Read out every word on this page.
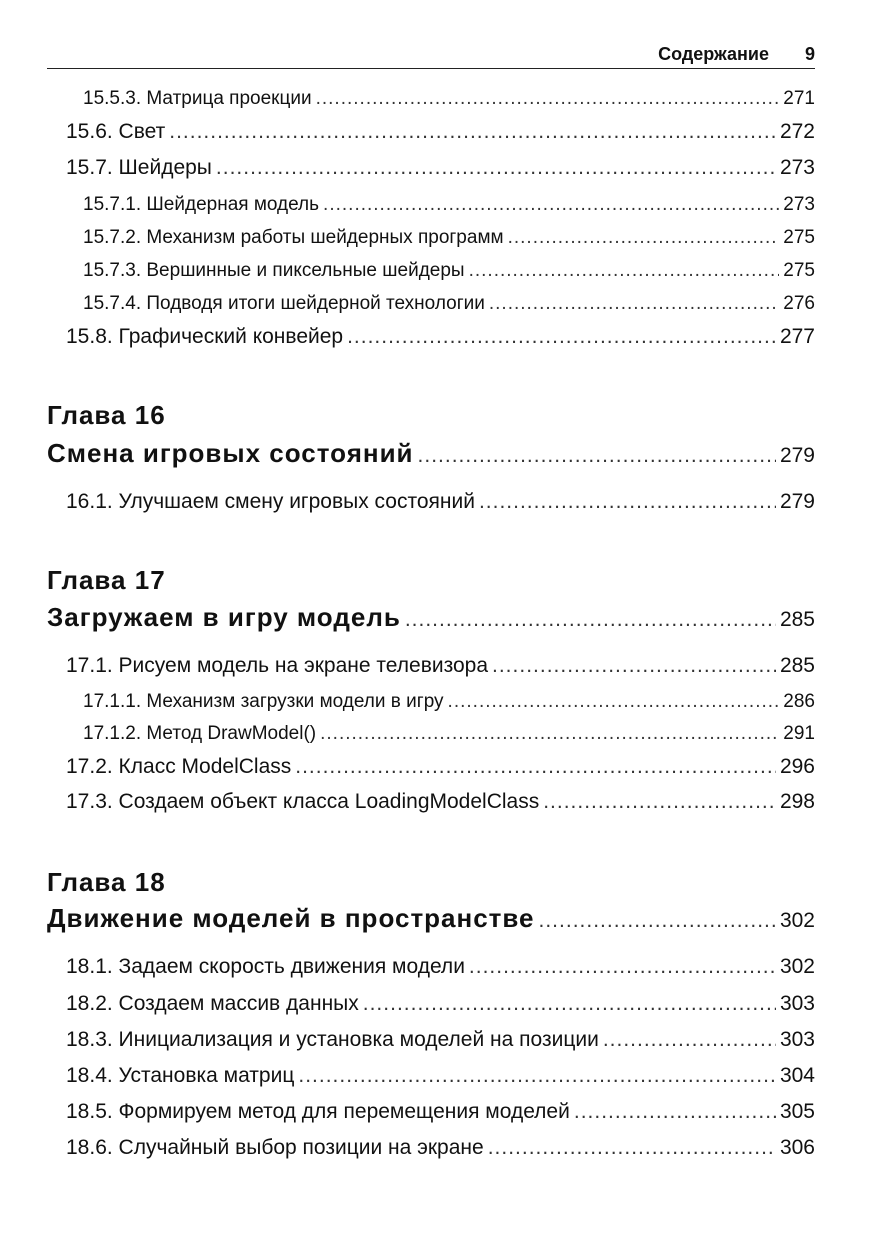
Содержание 9
15.5.3. Матрица проекции .....	271
15.6. Свет .....	272
15.7. Шейдеры .....	273
15.7.1. Шейдерная модель .....	273
15.7.2. Механизм работы шейдерных программ .....	275
15.7.3. Вершинные и пиксельные шейдеры .....	275
15.7.4. Подводя итоги шейдерной технологии .....	276
15.8. Графический конвейер .....	277
Глава 16
Смена игровых состояний .....	279
16.1. Улучшаем смену игровых состояний .....	279
Глава 17
Загружаем в игру модель .....	285
17.1. Рисуем модель на экране телевизора .....	285
17.1.1. Механизм загрузки модели в игру .....	286
17.1.2. Метод DrawModel() .....	291
17.2. Класс ModelClass .....	296
17.3. Создаем объект класса LoadingModelClass .....	298
Глава 18
Движение моделей в пространстве .....	302
18.1. Задаем скорость движения модели .....	302
18.2. Создаем массив данных .....	303
18.3. Инициализация и установка моделей на позиции .....	303
18.4. Установка матриц .....	304
18.5. Формируем метод для перемещения моделей .....	305
18.6. Случайный выбор позиции на экране .....	306
